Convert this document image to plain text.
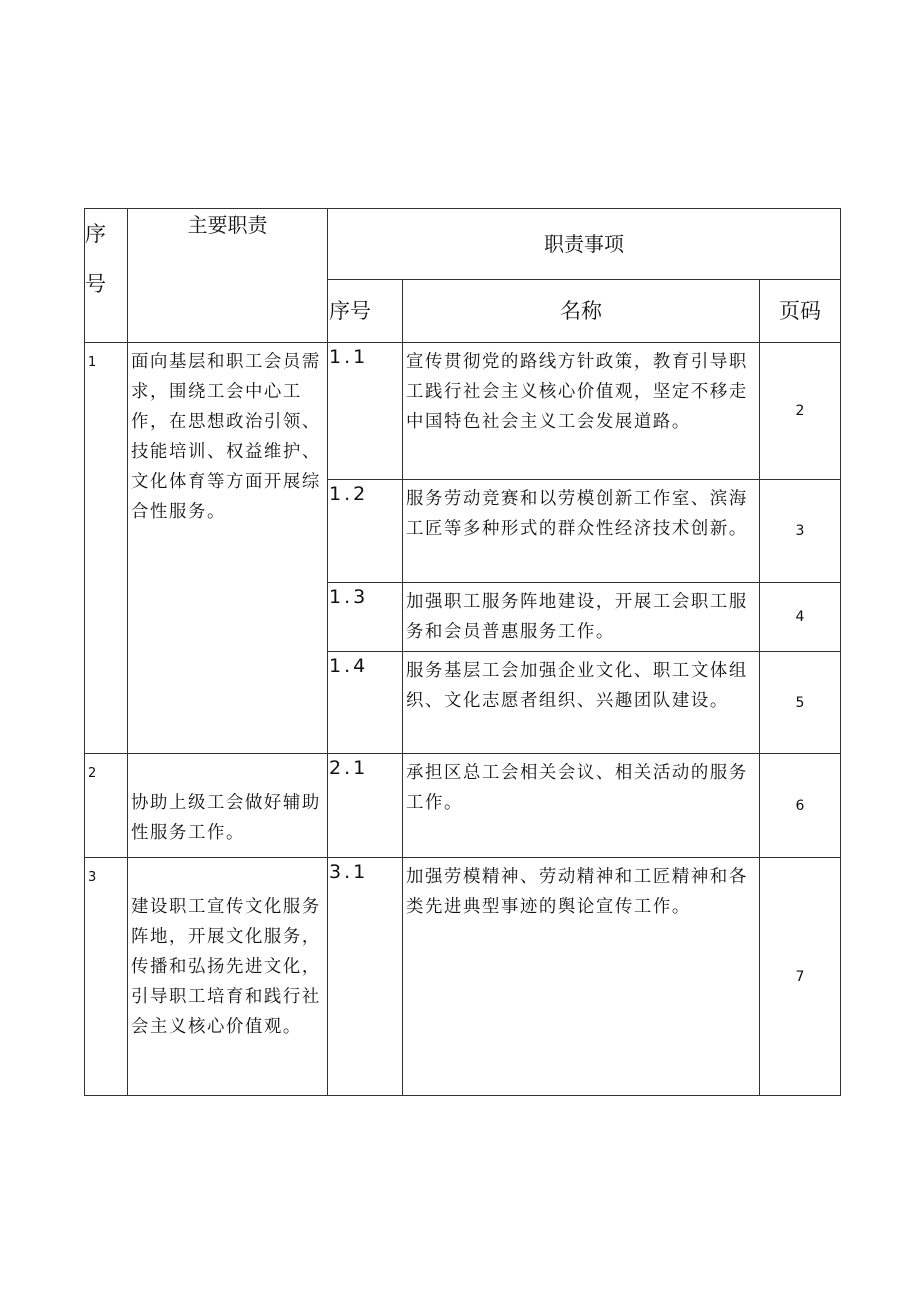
序
号	主要职责	职责事项		

		序号	名称	页码
1	面向基层和职工会员需求，围绕工会中心工作，在思想政治引领、技能培训、权益维护、文化体育等方面开展综合性服务。	1.1	宣传贯彻党的路线方针政策，教育引导职工践行社会主义核心价值观，坚定不移走中国特色社会主义工会发展道路。	2
		1.2	服务劳动竞赛和以劳模创新工作室、滨海工匠等多种形式的群众性经济技术创新。	3
		1.3	加强职工服务阵地建设，开展工会职工服务和会员普惠服务工作。	4
		1.4	服务基层工会加强企业文化、职工文体组织、文化志愿者组织、兴趣团队建设。	5
2	协助上级工会做好辅助性服务工作。	2.1	承担区总工会相关会议、相关活动的服务工作。	6
3	建设职工宣传文化服务阵地，开展文化服务，传播和弘扬先进文化，引导职工培育和践行社会主义核心价值观。	3.1	加强劳模精神、劳动精神和工匠精神和各类先进典型事迹的舆论宣传工作。	7
